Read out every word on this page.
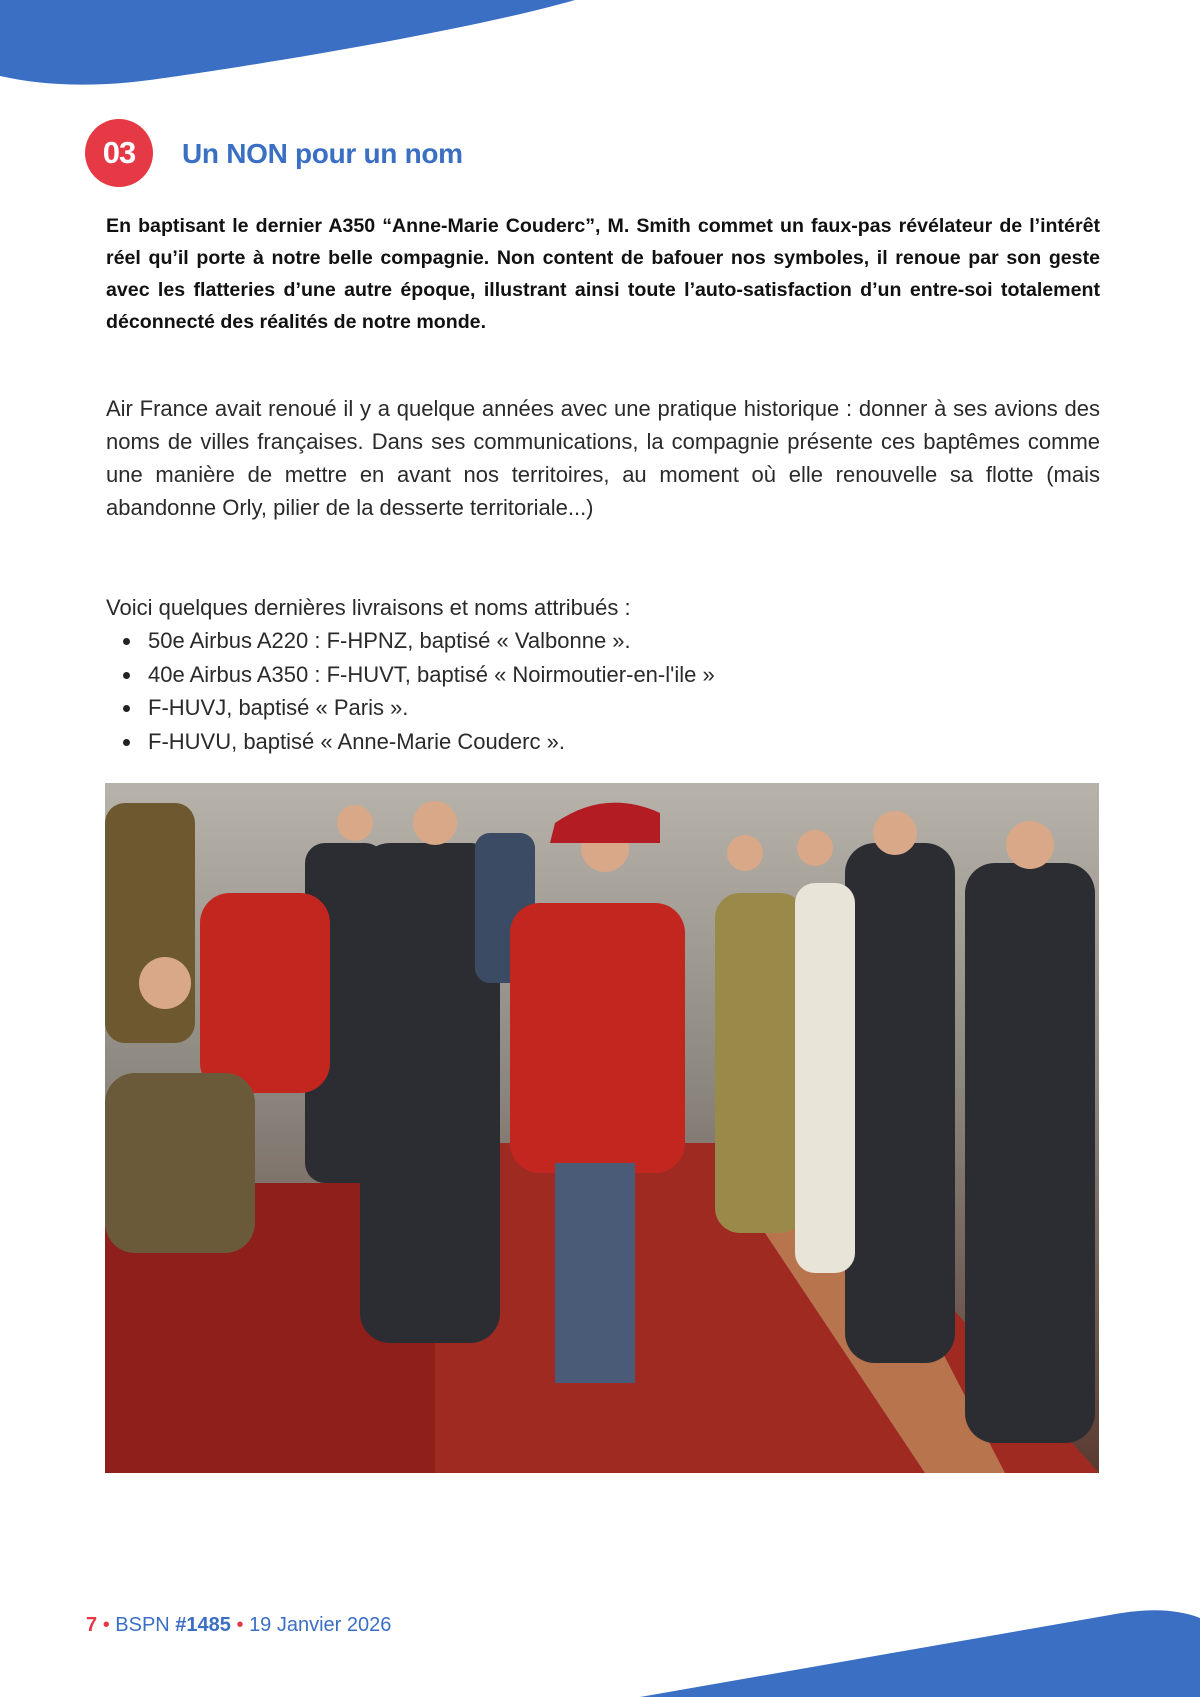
03	Un NON pour un nom

En baptisant le dernier A350 “Anne-Marie Couderc”, M. Smith commet un faux-pas révélateur de l’intérêt réel qu’il porte à notre belle compagnie. Non content de bafouer nos symboles, il renoue par son geste avec les flatteries d’une autre époque, illustrant ainsi toute l’auto-satisfaction d’un entre-soi totalement déconnecté des réalités de notre monde.

Air France avait renoué il y a quelque années avec une pratique historique : donner à ses avions des noms de villes françaises. Dans ses communications, la compagnie présente ces baptêmes comme une manière de mettre en avant nos territoires, au moment où elle renouvelle sa flotte (mais abandonne Orly, pilier de la desserte territoriale...)

Voici quelques dernières livraisons et noms attribués :
50e Airbus A220 : F-HPNZ, baptisé « Valbonne ».
40e Airbus A350 : F-HUVT, baptisé « Noirmoutier-en-l'ile »
F-HUVJ, baptisé « Paris ».
F-HUVU, baptisé « Anne-Marie Couderc ».
7 • BSPN #1485 • 19 Janvier 2026
